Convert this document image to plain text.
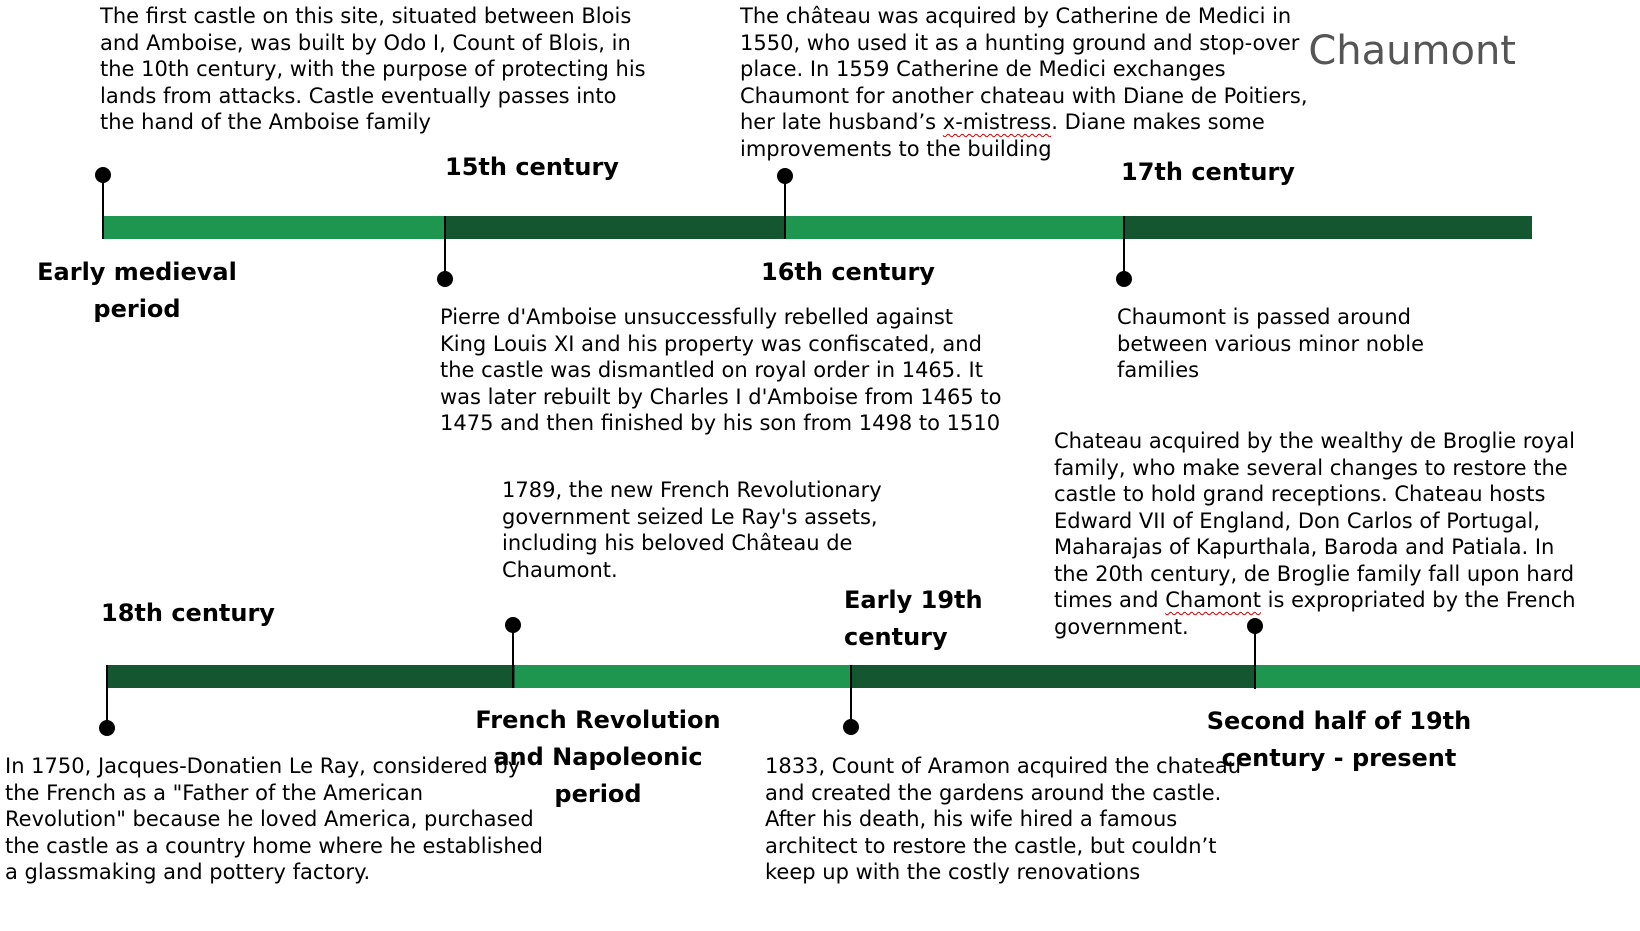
Chaumont
Early medieval
period
15th century
16th century
17th century
The first castle on this site, situated between Blois
and Amboise, was built by Odo I, Count of Blois, in
the 10th century, with the purpose of protecting his
lands from attacks. Castle eventually passes into
the hand of the Amboise family
Pierre d'Amboise unsuccessfully rebelled against
King Louis XI and his property was confiscated, and
the castle was dismantled on royal order in 1465. It
was later rebuilt by Charles I d'Amboise from 1465 to
1475 and then finished by his son from 1498 to 1510
The château was acquired by Catherine de Medici in
1550, who used it as a hunting ground and stop-over
place. In 1559 Catherine de Medici exchanges
Chaumont for another chateau with Diane de Poitiers,
her late husband’s x-mistress. Diane makes some
improvements to the building
Chaumont is passed around
between various minor noble
families
18th century
French Revolution
and Napoleonic
period
Early 19th
century
Second half of 19th
century - present
In 1750, Jacques-Donatien Le Ray, considered by
the French as a "Father of the American
Revolution" because he loved America, purchased
the castle as a country home where he established
a glassmaking and pottery factory.
1789, the new French Revolutionary
government seized Le Ray's assets,
including his beloved Château de
Chaumont.
1833, Count of Aramon acquired the chateau
and created the gardens around the castle.
After his death, his wife hired a famous
architect to restore the castle, but couldn’t
keep up with the costly renovations
Chateau acquired by the wealthy de Broglie royal
family, who make several changes to restore the
castle to hold grand receptions. Chateau hosts
Edward VII of England, Don Carlos of Portugal,
Maharajas of Kapurthala, Baroda and Patiala. In
the 20th century, de Broglie family fall upon hard
times and Chamont is expropriated by the French
government.
